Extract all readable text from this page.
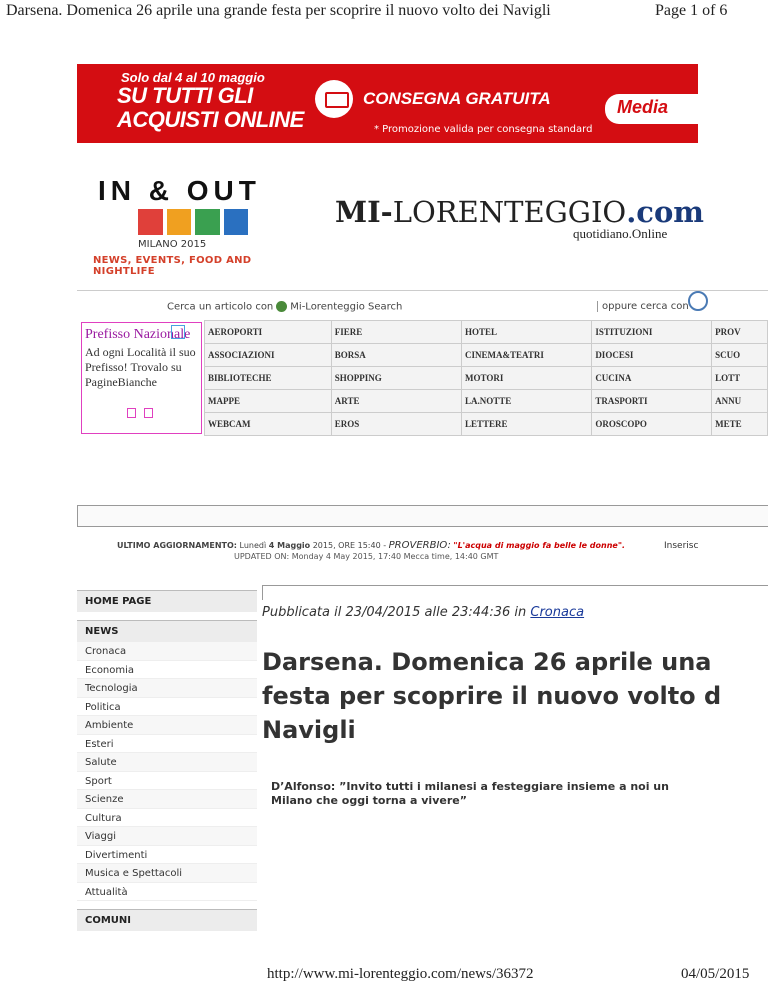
Darsena. Domenica 26 aprile una grande festa per scoprire il nuovo volto dei Navigli	Page 1 of 6
Solo dal 4 al 10 maggio
SU TUTTI GLI
ACQUISTI ONLINE
CONSEGNA GRATUITA
* Promozione valida per consegna standard
Media
IN & OUT
MILANO 2015
NEWS, EVENTS, FOOD AND NIGHTLIFE
MI-LORENTEGGIO.com
quotidiano.Online
Cerca un articolo con Mi-Lorenteggio Search	oppure cerca con
Prefisso Nazionale
Ad ogni Località il suo Prefisso! Trovalo su PagineBianche
AEROPORTI	FIERE	HOTEL	ISTITUZIONI	PROV
ASSOCIAZIONI	BORSA	CINEMA&TEATRI	DIOCESI	SCUO
BIBLIOTECHE	SHOPPING	MOTORI	CUCINA	LOTT
MAPPE	ARTE	LA.NOTTE	TRASPORTI	ANNU
WEBCAM	EROS	LETTERE	OROSCOPO	METE
ULTIMO AGGIORNAMENTO: Lunedì 4 Maggio 2015, ORE 15:40 - PROVERBIO: "L'acqua di maggio fa belle le donne".
UPDATED ON: Monday 4 May 2015, 17:40 Mecca time, 14:40 GMT
Inserisc
HOME PAGE
NEWS
Cronaca
Economia
Tecnologia
Politica
Ambiente
Esteri
Salute
Sport
Scienze
Cultura
Viaggi
Divertimenti
Musica e Spettacoli
Attualità
COMUNI
Pubblicata il 23/04/2015 alle 23:44:36 in Cronaca
Darsena. Domenica 26 aprile una
festa per scoprire il nuovo volto d
Navigli
D’Alfonso: ”Invito tutti i milanesi a festeggiare insieme a noi un
Milano che oggi torna a vivere”
http://www.mi-lorenteggio.com/news/36372	04/05/2015
